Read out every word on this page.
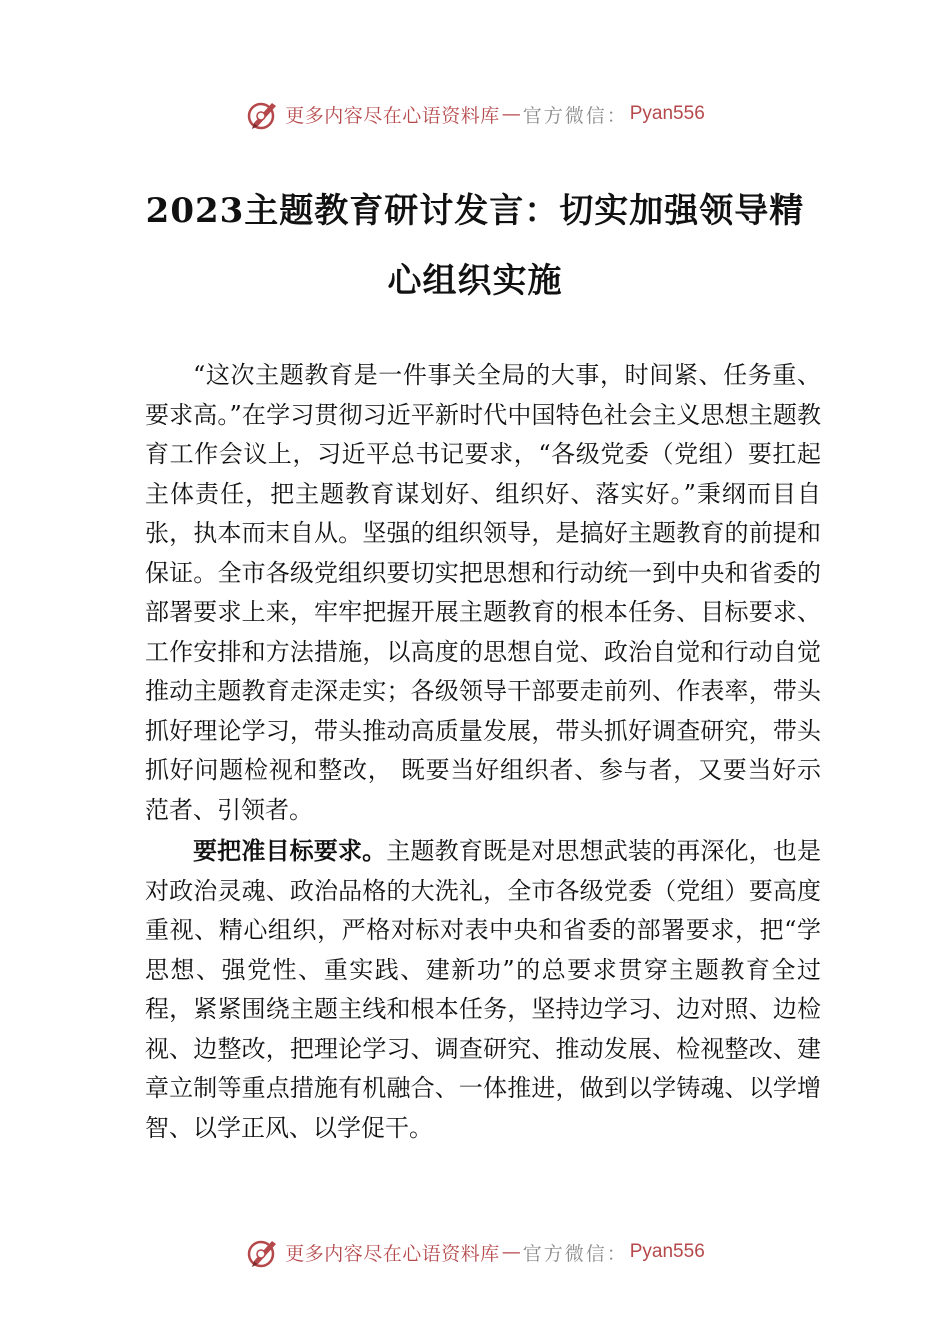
更多内容尽在心语资料库 — 官方微信： Pyan556
2023主题教育研讨发言：切实加强领导精
心组织实施

“这次主题教育是一件事关全局的大事，时间紧、任务重、要求高。”在学习贯彻习近平新时代中国特色社会主义思想主题教育工作会议上，习近平总书记要求，“各级党委（党组）要扛起主体责任，把主题教育谋划好、组织好、落实好。”秉纲而目自张，执本而末自从。坚强的组织领导，是搞好主题教育的前提和保证。全市各级党组织要切实把思想和行动统一到中央和省委的部署要求上来，牢牢把握开展主题教育的根本任务、目标要求、工作安排和方法措施，以高度的思想自觉、政治自觉和行动自觉推动主题教育走深走实；各级领导干部要走前列、作表率，带头抓好理论学习，带头推动高质量发展，带头抓好调查研究，带头抓好问题检视和整改， 既要当好组织者、参与者，又要当好示范者、引领者。

要把准目标要求。主题教育既是对思想武装的再深化，也是对政治灵魂、政治品格的大洗礼，全市各级党委（党组）要高度重视、精心组织，严格对标对表中央和省委的部署要求，把“学思想、强党性、重实践、建新功”的总要求贯穿主题教育全过程，紧紧围绕主题主线和根本任务，坚持边学习、边对照、边检视、边整改，把理论学习、调查研究、推动发展、检视整改、建章立制等重点措施有机融合、一体推进，做到以学铸魂、以学增智、以学正风、以学促干。

更多内容尽在心语资料库 — 官方微信： Pyan556
